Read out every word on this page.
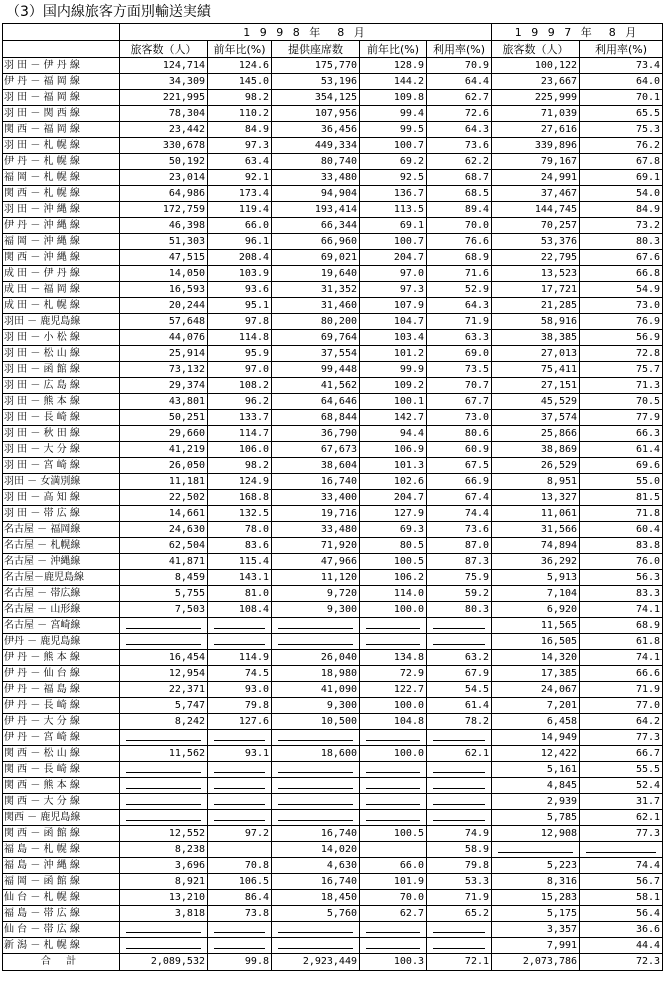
（3）国内線旅客方面別輸送実績
	1 9 9 8 年　8 月					1 9 9 7 年　8 月	
	旅客数（人）	前年比(%)	提供座席数	前年比(%)	利用率(%)	旅客数（人）	利用率(%)
羽 田 － 伊 丹 線	124,714	124.6	175,770	128.9	70.9	100,122	73.4
伊 丹 － 福 岡 線	34,309	145.0	53,196	144.2	64.4	23,667	64.0
羽 田 － 福 岡 線	221,995	98.2	354,125	109.8	62.7	225,999	70.1
羽 田 － 関 西 線	78,304	110.2	107,956	99.4	72.6	71,039	65.5
関 西 － 福 岡 線	23,442	84.9	36,456	99.5	64.3	27,616	75.3
羽 田 － 札 幌 線	330,678	97.3	449,334	100.7	73.6	339,896	76.2
伊 丹 － 札 幌 線	50,192	63.4	80,740	69.2	62.2	79,167	67.8
福 岡 － 札 幌 線	23,014	92.1	33,480	92.5	68.7	24,991	69.1
関 西 － 札 幌 線	64,986	173.4	94,904	136.7	68.5	37,467	54.0
羽 田 － 沖 縄 線	172,759	119.4	193,414	113.5	89.4	144,745	84.9
伊 丹 － 沖 縄 線	46,398	66.0	66,344	69.1	70.0	70,257	73.2
福 岡 － 沖 縄 線	51,303	96.1	66,960	100.7	76.6	53,376	80.3
関 西 － 沖 縄 線	47,515	208.4	69,021	204.7	68.9	22,795	67.6
成 田 － 伊 丹 線	14,050	103.9	19,640	97.0	71.6	13,523	66.8
成 田 － 福 岡 線	16,593	93.6	31,352	97.3	52.9	17,721	54.9
成 田 － 札 幌 線	20,244	95.1	31,460	107.9	64.3	21,285	73.0
羽田 － 鹿児島線	57,648	97.8	80,200	104.7	71.9	58,916	76.9
羽 田 － 小 松 線	44,076	114.8	69,764	103.4	63.3	38,385	56.9
羽 田 － 松 山 線	25,914	95.9	37,554	101.2	69.0	27,013	72.8
羽 田 － 函 館 線	73,132	97.0	99,448	99.9	73.5	75,411	75.7
羽 田 － 広 島 線	29,374	108.2	41,562	109.2	70.7	27,151	71.3
羽 田 － 熊 本 線	43,801	96.2	64,646	100.1	67.7	45,529	70.5
羽 田 － 長 崎 線	50,251	133.7	68,844	142.7	73.0	37,574	77.9
羽 田 － 秋 田 線	29,660	114.7	36,790	94.4	80.6	25,866	66.3
羽 田 － 大 分 線	41,219	106.0	67,673	106.9	60.9	38,869	61.4
羽 田 － 宮 崎 線	26,050	98.2	38,604	101.3	67.5	26,529	69.6
羽田 － 女満別線	11,181	124.9	16,740	102.6	66.9	8,951	55.0
羽 田 － 高 知 線	22,502	168.8	33,400	204.7	67.4	13,327	81.5
羽 田 － 帯 広 線	14,661	132.5	19,716	127.9	74.4	11,061	71.8
名古屋 － 福岡線	24,630	78.0	33,480	69.3	73.6	31,566	60.4
名古屋 － 札幌線	62,504	83.6	71,920	80.5	87.0	74,894	83.8
名古屋 － 沖縄線	41,871	115.4	47,966	100.5	87.3	36,292	76.0
名古屋－鹿児島線	8,459	143.1	11,120	106.2	75.9	5,913	56.3
名古屋 － 帯広線	5,755	81.0	9,720	114.0	59.2	7,104	83.3
名古屋 － 山形線	7,503	108.4	9,300	100.0	80.3	6,920	74.1
名古屋 － 宮崎線						11,565	68.9
伊丹 － 鹿児島線						16,505	61.8
伊 丹 － 熊 本 線	16,454	114.9	26,040	134.8	63.2	14,320	74.1
伊 丹 － 仙 台 線	12,954	74.5	18,980	72.9	67.9	17,385	66.6
伊 丹 － 福 島 線	22,371	93.0	41,090	122.7	54.5	24,067	71.9
伊 丹 － 長 崎 線	5,747	79.8	9,300	100.0	61.4	7,201	77.0
伊 丹 － 大 分 線	8,242	127.6	10,500	104.8	78.2	6,458	64.2
伊 丹 － 宮 崎 線						14,949	77.3
関 西 － 松 山 線	11,562	93.1	18,600	100.0	62.1	12,422	66.7
関 西 － 長 崎 線						5,161	55.5
関 西 － 熊 本 線						4,845	52.4
関 西 － 大 分 線						2,939	31.7
関西 － 鹿児島線						5,785	62.1
関 西 － 函 館 線	12,552	97.2	16,740	100.5	74.9	12,908	77.3
福 島 － 札 幌 線	8,238		14,020		58.9		
福 島 － 沖 縄 線	3,696	70.8	4,630	66.0	79.8	5,223	74.4
福 岡 － 函 館 線	8,921	106.5	16,740	101.9	53.3	8,316	56.7
仙 台 － 札 幌 線	13,210	86.4	18,450	70.0	71.9	15,283	58.1
福 島 － 帯 広 線	3,818	73.8	5,760	62.7	65.2	5,175	56.4
仙 台 － 帯 広 線						3,357	36.6
新 潟 － 札 幌 線						7,991	44.4
合 計	2,089,532	99.8	2,923,449	100.3	72.1	2,073,786	72.3
